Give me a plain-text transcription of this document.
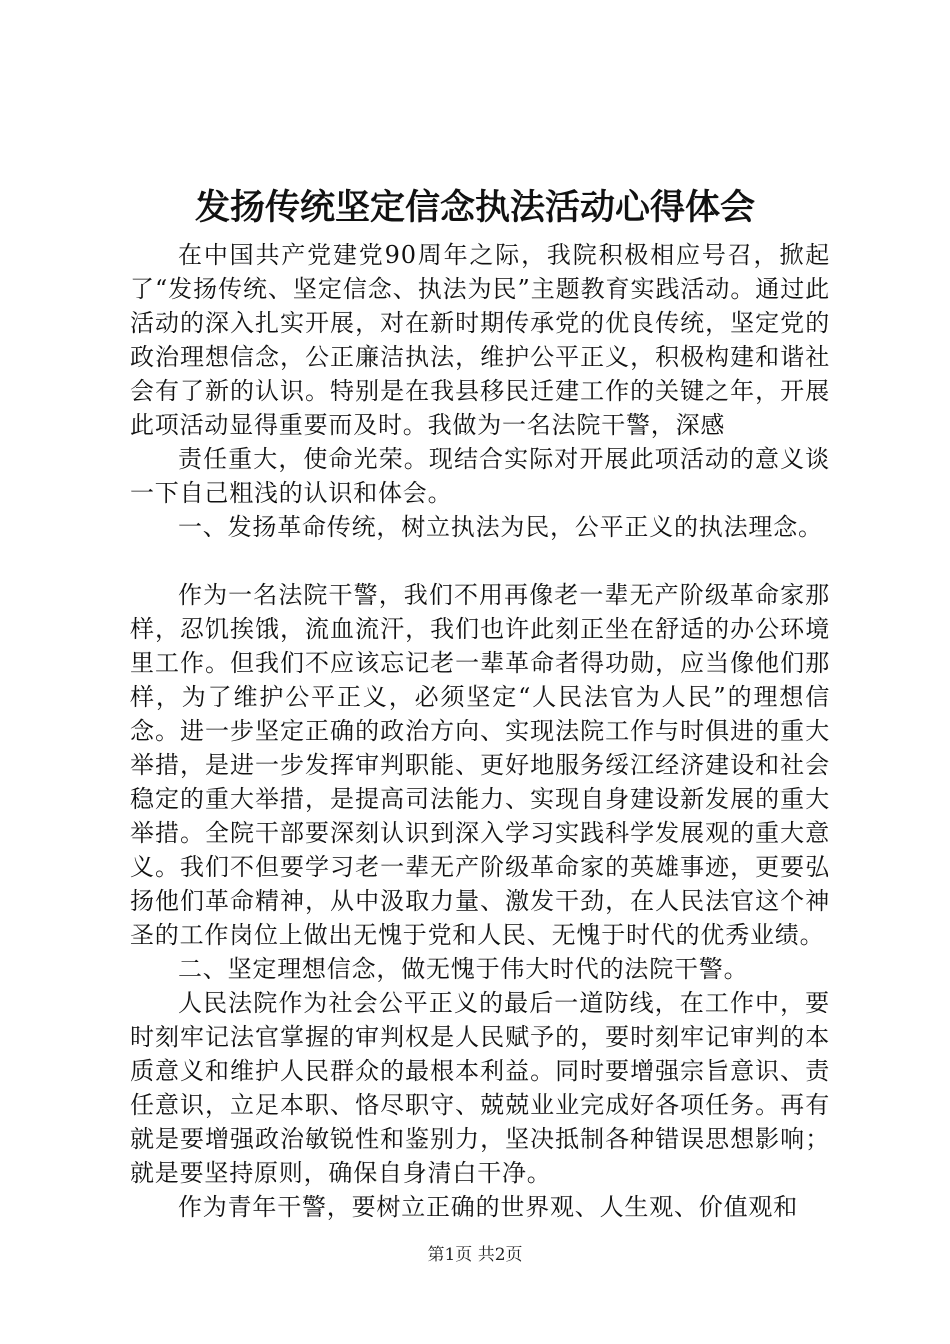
发扬传统坚定信念执法活动心得体会

在中国共产党建党90周年之际，我院积极相应号召，掀起了“发扬传统、坚定信念、执法为民”主题教育实践活动。通过此活动的深入扎实开展，对在新时期传承党的优良传统，坚定党的政治理想信念，公正廉洁执法，维护公平正义，积极构建和谐社会有了新的认识。特别是在我县移民迁建工作的关键之年，开展此项活动显得重要而及时。我做为一名法院干警，深感

责任重大，使命光荣。现结合实际对开展此项活动的意义谈一下自己粗浅的认识和体会。

一、发扬革命传统，树立执法为民，公平正义的执法理念。

作为一名法院干警，我们不用再像老一辈无产阶级革命家那样，忍饥挨饿，流血流汗，我们也许此刻正坐在舒适的办公环境里工作。但我们不应该忘记老一辈革命者得功勋，应当像他们那样，为了维护公平正义，必须坚定“人民法官为人民”的理想信念。进一步坚定正确的政治方向、实现法院工作与时俱进的重大举措，是进一步发挥审判职能、更好地服务绥江经济建设和社会稳定的重大举措，是提高司法能力、实现自身建设新发展的重大举措。全院干部要深刻认识到深入学习实践科学发展观的重大意义。我们不但要学习老一辈无产阶级革命家的英雄事迹，更要弘扬他们革命精神，从中汲取力量、激发干劲，在人民法官这个神圣的工作岗位上做出无愧于党和人民、无愧于时代的优秀业绩。

二、坚定理想信念，做无愧于伟大时代的法院干警。

人民法院作为社会公平正义的最后一道防线，在工作中，要时刻牢记法官掌握的审判权是人民赋予的，要时刻牢记审判的本质意义和维护人民群众的最根本利益。同时要增强宗旨意识、责任意识，立足本职、恪尽职守、兢兢业业完成好各项任务。再有就是要增强政治敏锐性和鉴别力，坚决抵制各种错误思想影响；就是要坚持原则，确保自身清白干净。

作为青年干警，要树立正确的世界观、人生观、价值观和

第1页 共2页
